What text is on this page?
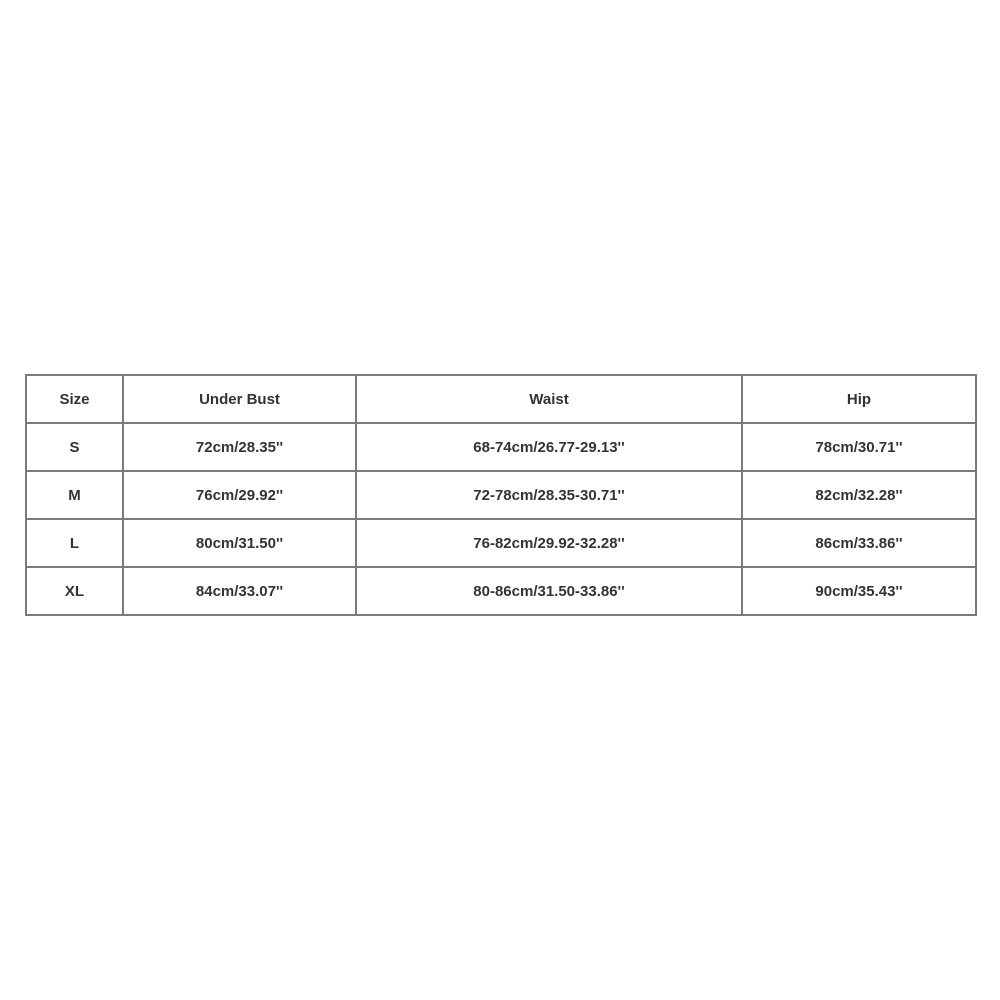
Size	Under Bust	Waist	Hip
S	72cm/28.35''	68-74cm/26.77-29.13''	78cm/30.71''
M	76cm/29.92''	72-78cm/28.35-30.71''	82cm/32.28''
L	80cm/31.50''	76-82cm/29.92-32.28''	86cm/33.86''
XL	84cm/33.07''	80-86cm/31.50-33.86''	90cm/35.43''
